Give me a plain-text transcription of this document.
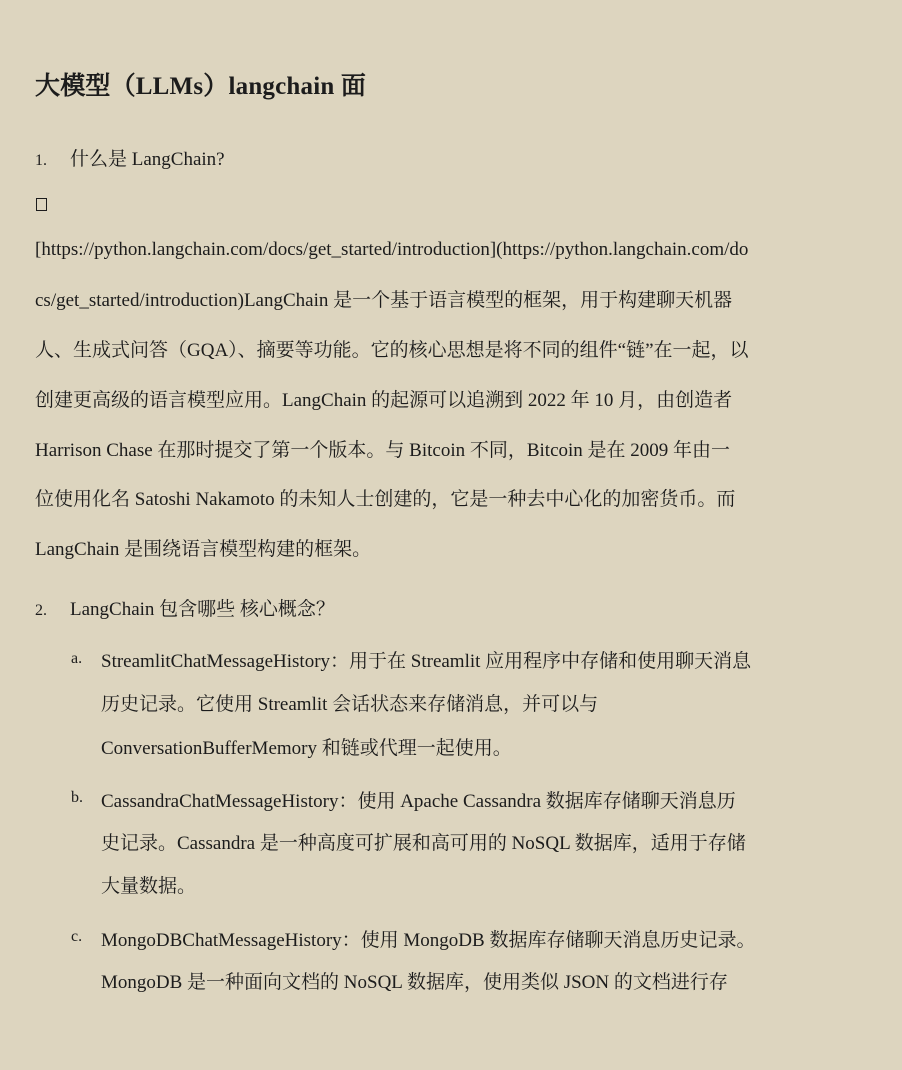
大模型（LLMs）langchain 面
1. 什么是 LangChain?
[https://python.langchain.com/docs/get_started/introduction](https://python.langchain.com/do
cs/get_started/introduction)LangChain 是一个基于语言模型的框架，用于构建聊天机器
人、生成式问答（GQA）、摘要等功能。它的核心思想是将不同的组件“链”在一起，以
创建更高级的语言模型应用。LangChain 的起源可以追溯到 2022 年 10 月，由创造者
Harrison Chase 在那时提交了第一个版本。与 Bitcoin 不同，Bitcoin 是在 2009 年由一
位使用化名 Satoshi Nakamoto 的未知人士创建的，它是一种去中心化的加密货币。而
LangChain 是围绕语言模型构建的框架。
2. LangChain 包含哪些 核心概念？
a. StreamlitChatMessageHistory：用于在 Streamlit 应用程序中存储和使用聊天消息
历史记录。它使用 Streamlit 会话状态来存储消息，并可以与
ConversationBufferMemory 和链或代理一起使用。
b. CassandraChatMessageHistory：使用 Apache Cassandra 数据库存储聊天消息历
史记录。Cassandra 是一种高度可扩展和高可用的 NoSQL 数据库，适用于存储
大量数据。
c. MongoDBChatMessageHistory：使用 MongoDB 数据库存储聊天消息历史记录。
MongoDB 是一种面向文档的 NoSQL 数据库，使用类似 JSON 的文档进行存
